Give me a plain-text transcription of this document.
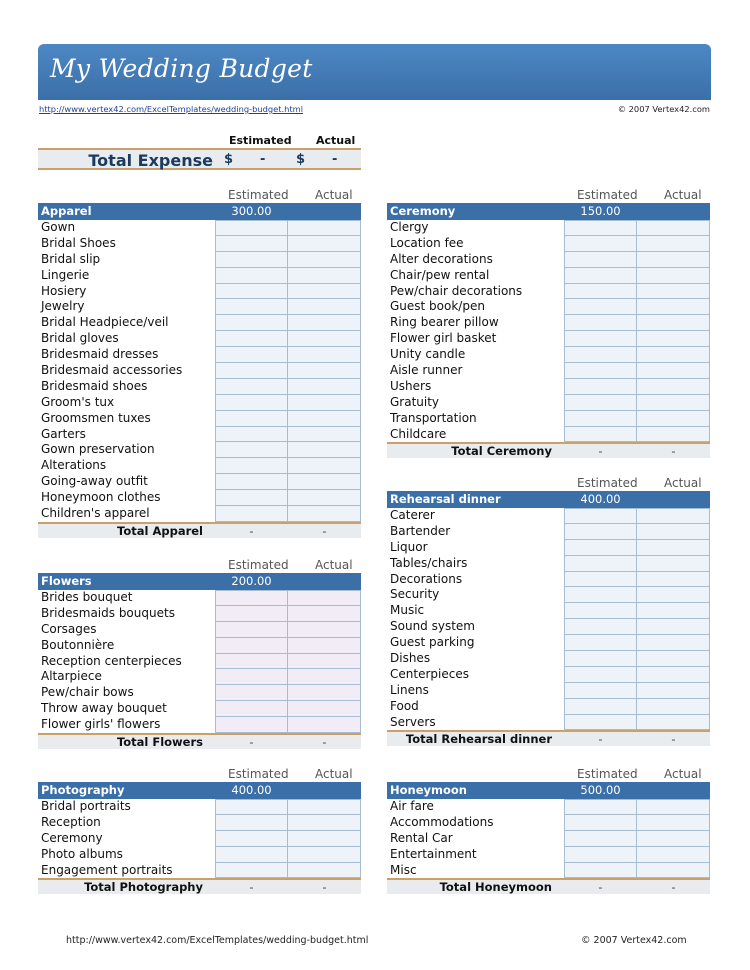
My Wedding Budget
http://www.vertex42.com/ExcelTemplates/wedding-budget.html	© 2007 Vertex42.com
Estimated Actual
Total Expense $ - $ -
Estimated Actual
Apparel	300.00
Gown
Bridal Shoes
Bridal slip
Lingerie
Hosiery
Jewelry
Bridal Headpiece/veil
Bridal gloves
Bridesmaid dresses
Bridesmaid accessories
Bridesmaid shoes
Groom's tux
Groomsmen tuxes
Garters
Gown preservation
Alterations
Going-away outfit
Honeymoon clothes
Children's apparel
Total Apparel	-	-
Estimated Actual
Flowers	200.00
Brides bouquet
Bridesmaids bouquets
Corsages
Boutonnière
Reception centerpieces
Altarpiece
Pew/chair bows
Throw away bouquet
Flower girls' flowers
Total Flowers	-	-
Estimated Actual
Photography	400.00
Bridal portraits
Reception
Ceremony
Photo albums
Engagement portraits
Total Photography	-	-
Estimated Actual
Ceremony	150.00
Clergy
Location fee
Alter decorations
Chair/pew rental
Pew/chair decorations
Guest book/pen
Ring bearer pillow
Flower girl basket
Unity candle
Aisle runner
Ushers
Gratuity
Transportation
Childcare
Total Ceremony	-	-
Estimated Actual
Rehearsal dinner	400.00
Caterer
Bartender
Liquor
Tables/chairs
Decorations
Security
Music
Sound system
Guest parking
Dishes
Centerpieces
Linens
Food
Servers
Total Rehearsal dinner	-	-
Estimated Actual
Honeymoon	500.00
Air fare
Accommodations
Rental Car
Entertainment
Misc
Total Honeymoon	-	-
http://www.vertex42.com/ExcelTemplates/wedding-budget.html	© 2007 Vertex42.com
